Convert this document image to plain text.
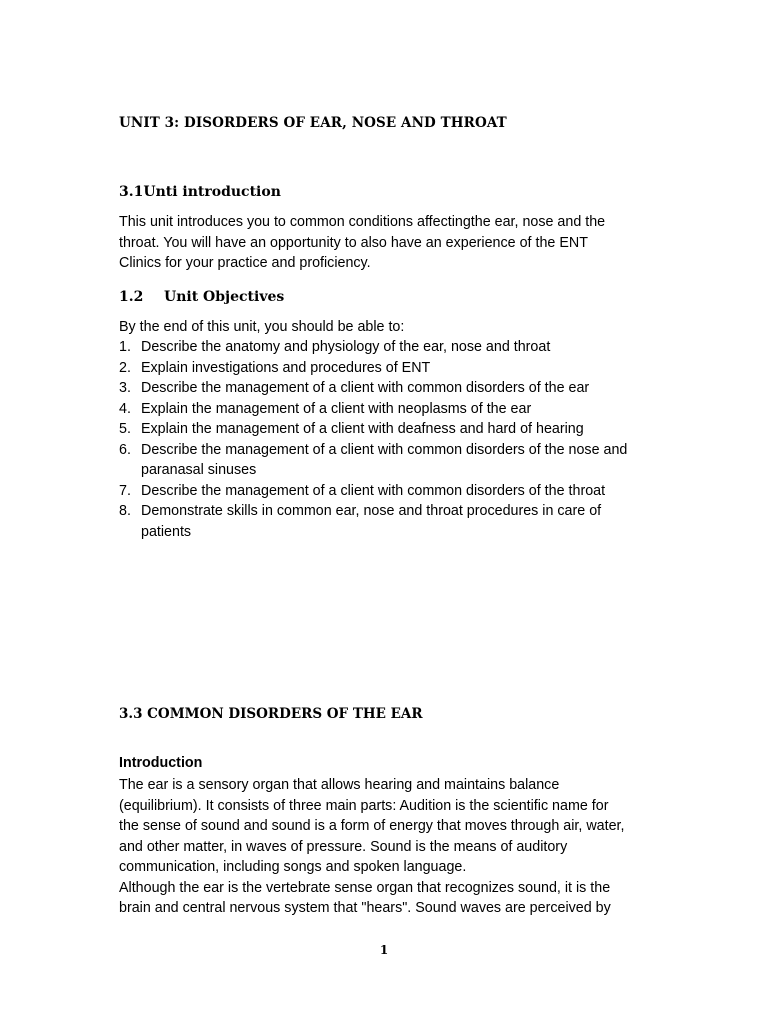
UNIT 3: DISORDERS OF EAR, NOSE AND THROAT
3.1Unti introduction
This unit introduces you to common conditions affectingthe ear, nose and the
throat. You will have an opportunity to also have an experience of the ENT
Clinics for your practice and proficiency.
1.2 Unit Objectives
By the end of this unit, you should be able to:
1. Describe the anatomy and physiology of the ear, nose and throat
2. Explain investigations and procedures of ENT
3. Describe the management of a client with common disorders of the ear
4. Explain the management of a client with neoplasms of the ear
5. Explain the management of a client with deafness and hard of hearing
6. Describe the management of a client with common disorders of the nose and
paranasal sinuses
7. Describe the management of a client with common disorders of the throat
8. Demonstrate skills in common ear, nose and throat procedures in care of
patients
3.3 COMMON DISORDERS OF THE EAR
Introduction
The ear is a sensory organ that allows hearing and maintains balance
(equilibrium). It consists of three main parts: Audition is the scientific name for
the sense of sound and sound is a form of energy that moves through air, water,
and other matter, in waves of pressure. Sound is the means of auditory
communication, including songs and spoken language.
Although the ear is the vertebrate sense organ that recognizes sound, it is the
brain and central nervous system that "hears". Sound waves are perceived by
1
